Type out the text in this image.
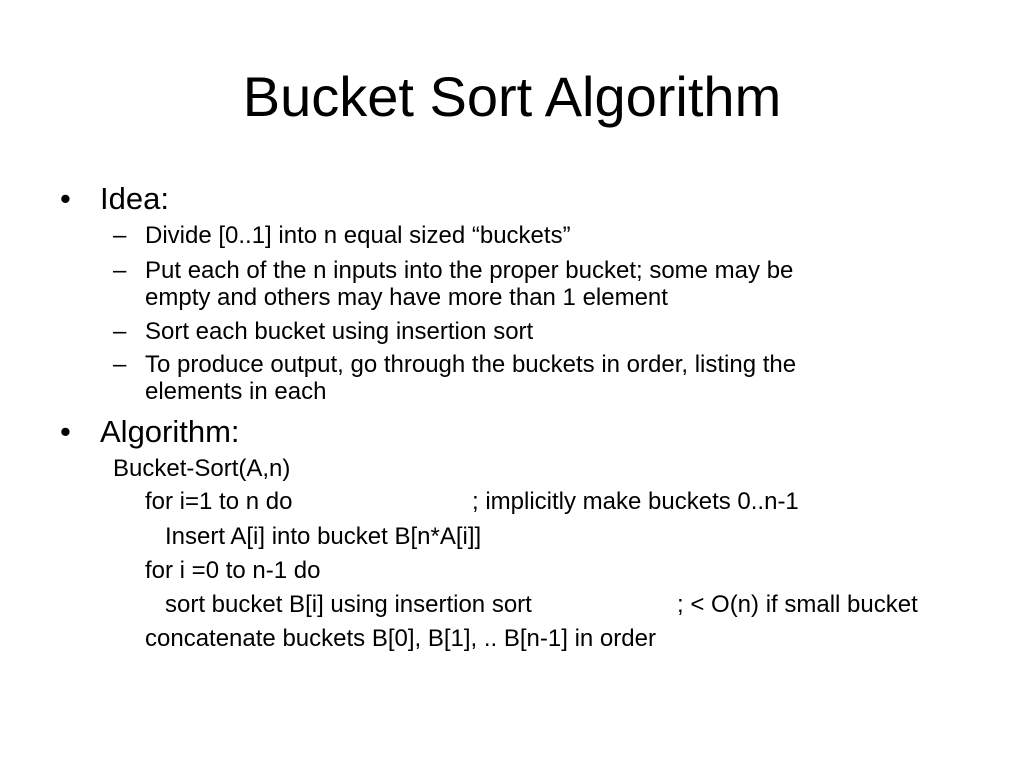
Bucket Sort Algorithm
• Idea:
– Divide [0..1] into n equal sized “buckets”
– Put each of the n inputs into the proper bucket; some may be
empty and others may have more than 1 element
– Sort each bucket using insertion sort
– To produce output, go through the buckets in order, listing the
elements in each
• Algorithm:
Bucket-Sort(A,n)
for i=1 to n do	; implicitly make buckets 0..n-1
Insert A[i] into bucket B[n*A[i]]
for i =0 to n-1 do
sort bucket B[i] using insertion sort	; < O(n) if small bucket
concatenate buckets B[0], B[1], .. B[n-1] in order
